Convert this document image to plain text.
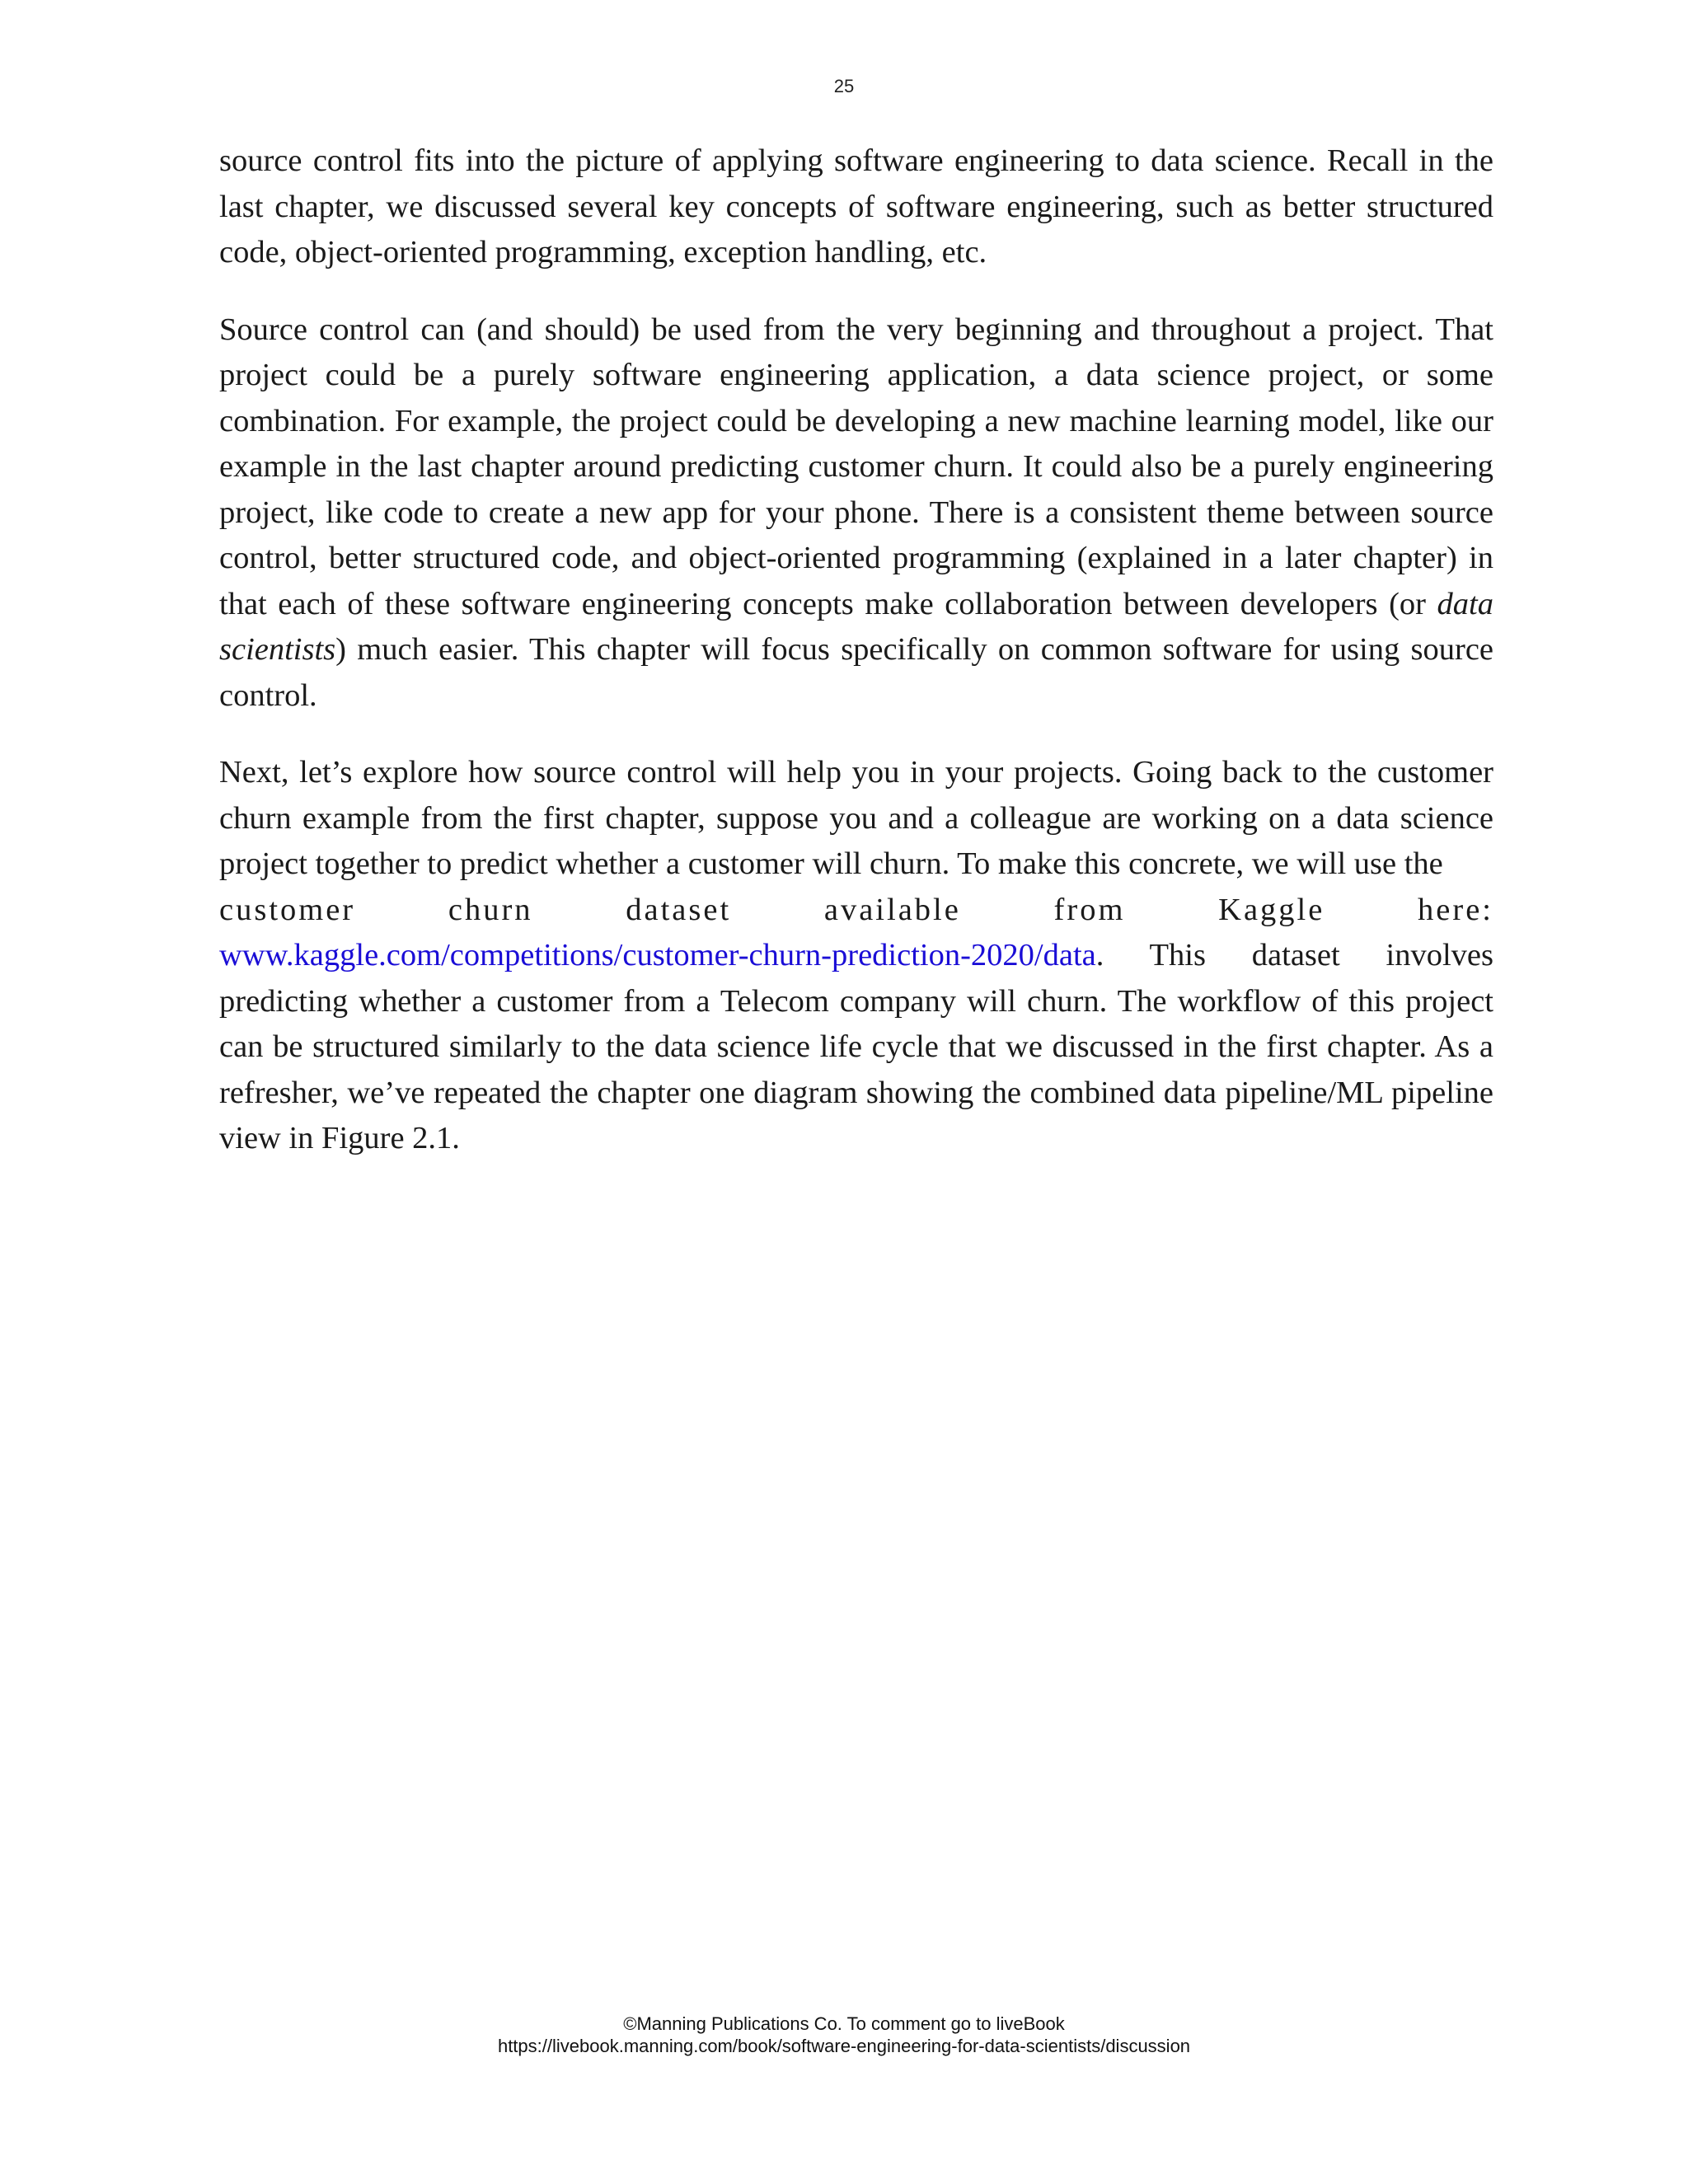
25

source control fits into the picture of applying software engineering to data science. Recall in the last chapter, we discussed several key concepts of software engineering, such as better structured code, object-oriented programming, exception handling, etc.

Source control can (and should) be used from the very beginning and throughout a project. That project could be a purely software engineering application, a data science project, or some combination. For example, the project could be developing a new machine learning model, like our example in the last chapter around predicting customer churn. It could also be a purely engineering project, like code to create a new app for your phone. There is a consistent theme between source control, better structured code, and object-oriented programming (explained in a later chapter) in that each of these software engineering concepts make collaboration between developers (or data scientists) much easier. This chapter will focus specifically on common software for using source control.

Next, let’s explore how source control will help you in your projects. Going back to the customer churn example from the first chapter, suppose you and a colleague are working on a data science project together to predict whether a customer will churn. To make this concrete, we will use the
customer churn dataset available from Kaggle here:
www.kaggle.com/competitions/customer-churn-prediction-2020/data. This dataset involves predicting whether a customer from a Telecom company will churn. The workflow of this project can be structured similarly to the data science life cycle that we discussed in the first chapter. As a refresher, we’ve repeated the chapter one diagram showing the combined data pipeline/ML pipeline view in Figure 2.1.

©Manning Publications Co. To comment go to liveBook
https://livebook.manning.com/book/software-engineering-for-data-scientists/discussion
